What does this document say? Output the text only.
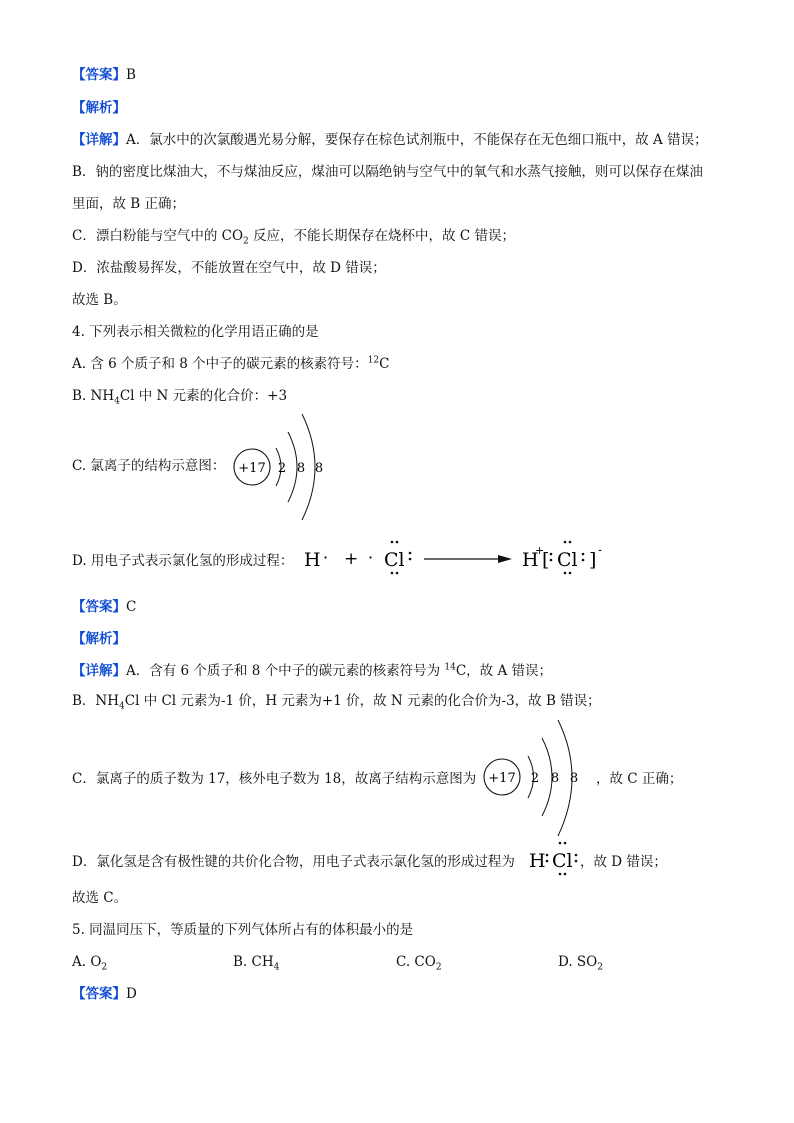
【答案】B
【解析】
【详解】A．氯水中的次氯酸遇光易分解，要保存在棕色试剂瓶中，不能保存在无色细口瓶中，故 A 错误；
B．钠的密度比煤油大，不与煤油反应，煤油可以隔绝钠与空气中的氧气和水蒸气接触，则可以保存在煤油
里面，故 B 正确；
C．漂白粉能与空气中的 $CO_2$ 反应，不能长期保存在烧杯中，故 C 错误；
D．浓盐酸易挥发，不能放置在空气中，故 D 错误；
故选 B。
4. 下列表示相关微粒的化学用语正确的是
A. 含 6 个质子和 8 个中子的碳元素的核素符号：$^{12}$C
B. $NH_4Cl$ 中 N 元素的化合价：+3
C. 氯离子的结构示意图： +17 2 8 8
D. 用电子式表示氯化氢的形成过程： H · + · Cl	H
+
[ Cl ] -
【答案】C
【解析】
【详解】A．含有 6 个质子和 8 个中子的碳元素的核素符号为 $^{14}$C，故 A 错误；
B．$NH_4Cl$ 中 Cl 元素为-1 价，H 元素为+1 价，故 N 元素的化合价为-3，故 B 错误；
C．氯离子的质子数为 17，核外电子数为 18，故离子结构示意图为	，故 C 正确；
+17 2 8 8
D．氯化氢是含有极性键的共价化合物，用电子式表示氯化氢的形成过程为 H Cl ，故 D 错误；
故选 C。
5. 同温同压下，等质量的下列气体所占有的体积最小的是
A. $O_2$	B. $CH_4$	C. $CO_2$	D. $SO_2$
【答案】D
